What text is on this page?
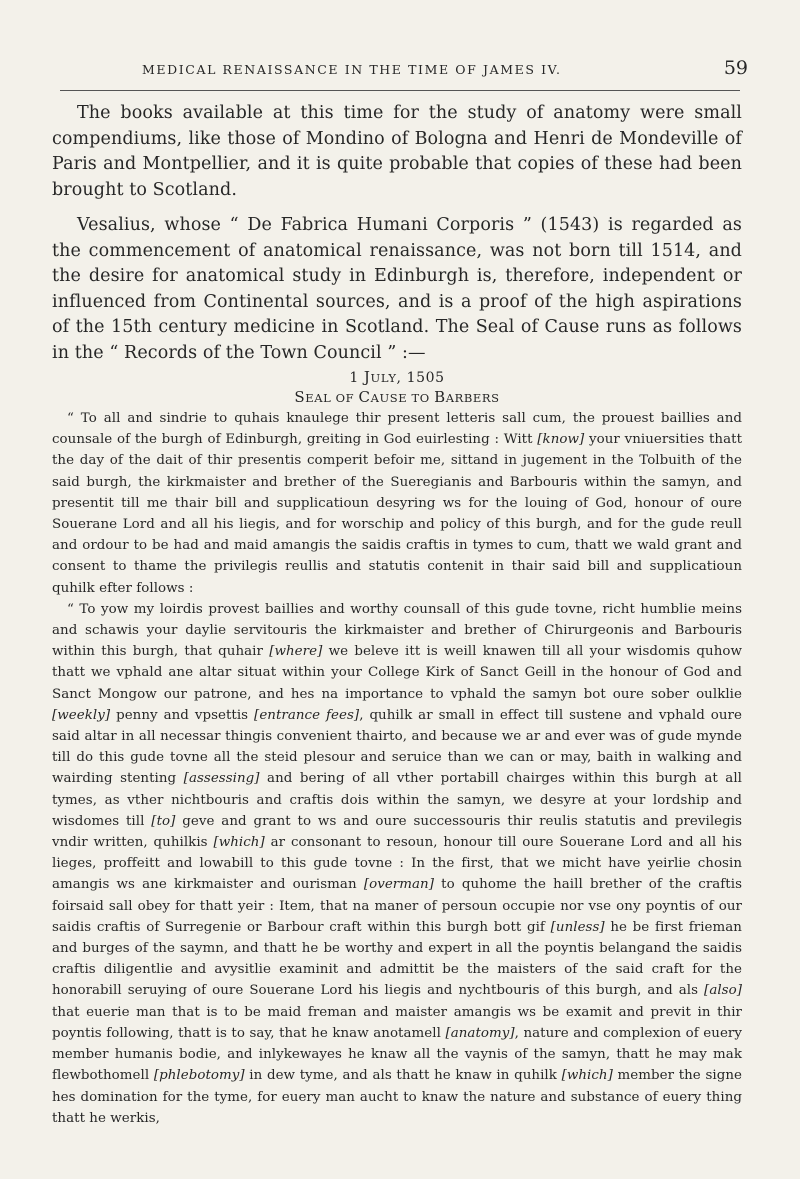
MEDICAL RENAISSANCE IN THE TIME OF JAMES IV.	59

The books available at this time for the study of anatomy were small compendiums, like those of Mondino of Bologna and Henri de Mondeville of Paris and Montpellier, and it is quite probable that copies of these had been brought to Scotland.

Vesalius, whose “ De Fabrica Humani Corporis ” (1543) is regarded as the commencement of anatomical renaissance, was not born till 1514, and the desire for anatomical study in Edinburgh is, therefore, independent or influenced from Continental sources, and is a proof of the high aspirations of the 15th century medicine in Scotland. The Seal of Cause runs as follows in the “ Records of the Town Council ” :—

1 JULY, 1505

SEAL OF CAUSE TO BARBERS

“ To all and sindrie to quhais knaulege thir present letteris sall cum, the prouest baillies and counsale of the burgh of Edinburgh, greiting in God euirlesting : Witt [know] your vniuersities thatt the day of the dait of thir presentis comperit befoir me, sittand in jugement in the Tolbuith of the said burgh, the kirkmaister and brether of the Sueregianis and Barbouris within the samyn, and presentit till me thair bill and supplicatioun desyring ws for the louing of God, honour of oure Souerane Lord and all his liegis, and for worschip and policy of this burgh, and for the gude reull and ordour to be had and maid amangis the saidis craftis in tymes to cum, thatt we wald grant and consent to thame the privilegis reullis and statutis contenit in thair said bill and supplicatioun quhilk efter follows :

“ To yow my loirdis provest baillies and worthy counsall of this gude tovne, richt humblie meins and schawis your daylie servitouris the kirkmaister and brether of Chirurgeonis and Barbouris within this burgh, that quhair [where] we beleve itt is weill knawen till all your wisdomis quhow thatt we vphald ane altar situat within your College Kirk of Sanct Geill in the honour of God and Sanct Mongow our patrone, and hes na importance to vphald the samyn bot oure sober oulklie [weekly] penny and vpsettis [entrance fees], quhilk ar small in effect till sustene and vphald oure said altar in all necessar thingis convenient thairto, and because we ar and ever was of gude mynde till do this gude tovne all the steid plesour and seruice than we can or may, baith in walking and wairding stenting [assessing] and bering of all vther portabill chairges within this burgh at all tymes, as vther nichtbouris and craftis dois within the samyn, we desyre at your lordship and wisdomes till [to] geve and grant to ws and oure successouris thir reulis statutis and previlegis vndir written, quhilkis [which] ar consonant to resoun, honour till oure Souerane Lord and all his lieges, proffeitt and lowabill to this gude tovne : In the first, that we micht have yeirlie chosin amangis ws ane kirkmaister and ourisman [overman] to quhome the haill brether of the craftis foirsaid sall obey for thatt yeir : Item, that na maner of persoun occupie nor vse ony poyntis of our saidis craftis of Surregenie or Barbour craft within this burgh bott gif [unless] he be first frieman and burges of the saymn, and thatt he be worthy and expert in all the poyntis belangand the saidis craftis diligentlie and avysitlie examinit and admittit be the maisters of the said craft for the honorabill seruying of oure Souerane Lord his liegis and nychtbouris of this burgh, and als [also] that euerie man that is to be maid freman and maister amangis ws be examit and previt in thir poyntis following, thatt is to say, that he knaw anotamell [anatomy], nature and complexion of euery member humanis bodie, and inlykewayes he knaw all the vaynis of the samyn, thatt he may mak flewbothomell [phlebotomy] in dew tyme, and als thatt he knaw in quhilk [which] member the signe hes domination for the tyme, for euery man aucht to knaw the nature and substance of euery thing thatt he werkis,
